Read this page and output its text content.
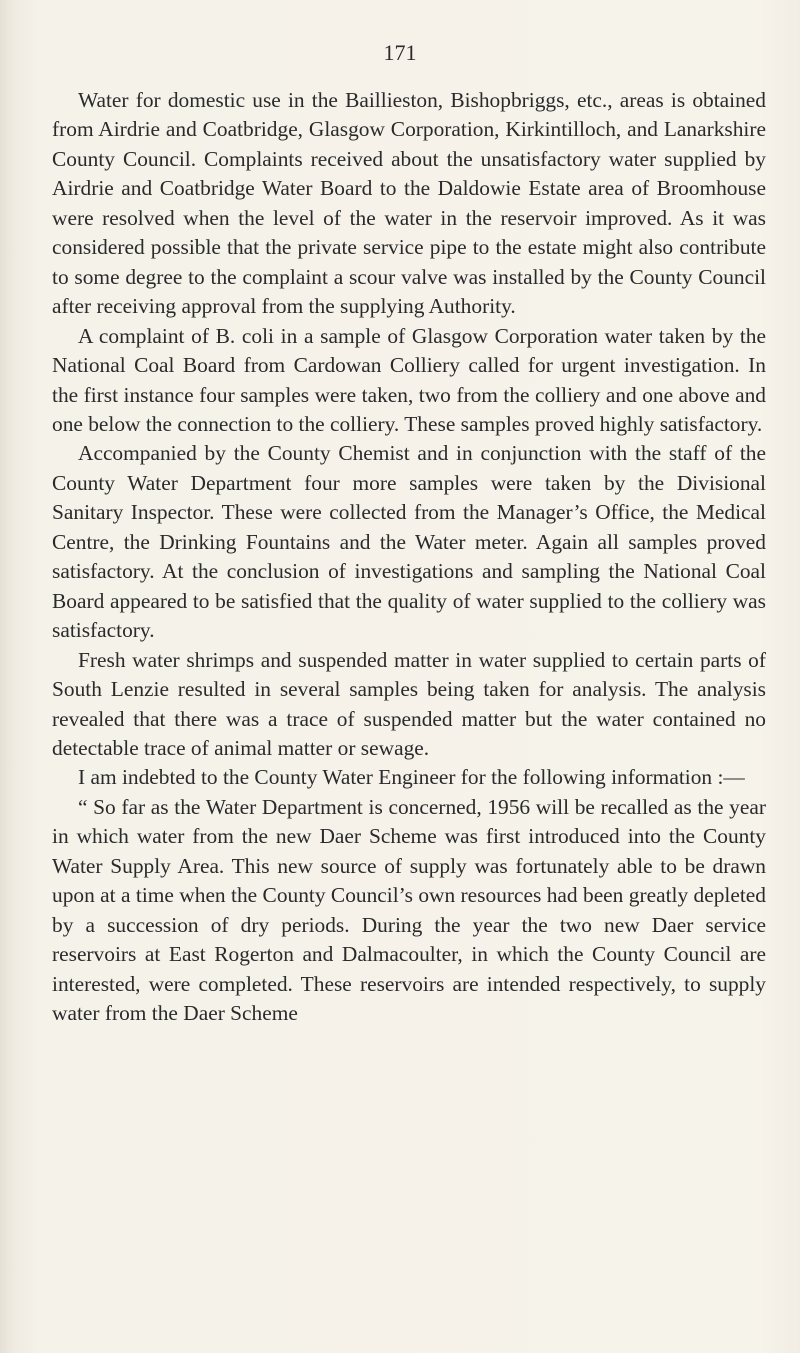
171

Water for domestic use in the Baillieston, Bishopbriggs, etc., areas is obtained from Airdrie and Coatbridge, Glasgow Corporation, Kirkintilloch, and Lanarkshire County Council. Complaints received about the unsatisfactory water supplied by Airdrie and Coatbridge Water Board to the Daldowie Estate area of Broomhouse were resolved when the level of the water in the reservoir improved. As it was considered possible that the private service pipe to the estate might also contribute to some degree to the complaint a scour valve was installed by the County Council after receiving approval from the supplying Authority.

A complaint of B. coli in a sample of Glasgow Corporation water taken by the National Coal Board from Cardowan Colliery called for urgent investigation. In the first instance four samples were taken, two from the colliery and one above and one below the connection to the colliery. These samples proved highly satisfactory.

Accompanied by the County Chemist and in conjunction with the staff of the County Water Department four more samples were taken by the Divisional Sanitary Inspector. These were collected from the Manager’s Office, the Medical Centre, the Drinking Fountains and the Water meter. Again all samples proved satisfactory. At the conclusion of investigations and sampling the National Coal Board appeared to be satisfied that the quality of water supplied to the colliery was satisfactory.

Fresh water shrimps and suspended matter in water supplied to certain parts of South Lenzie resulted in several samples being taken for analysis. The analysis revealed that there was a trace of suspended matter but the water contained no detectable trace of animal matter or sewage.

I am indebted to the County Water Engineer for the following information :—

“ So far as the Water Department is concerned, 1956 will be recalled as the year in which water from the new Daer Scheme was first introduced into the County Water Supply Area. This new source of supply was fortunately able to be drawn upon at a time when the County Council’s own resources had been greatly depleted by a succession of dry periods. During the year the two new Daer service reservoirs at East Rogerton and Dalmacoulter, in which the County Council are interested, were completed. These reservoirs are intended respectively, to supply water from the Daer Scheme
